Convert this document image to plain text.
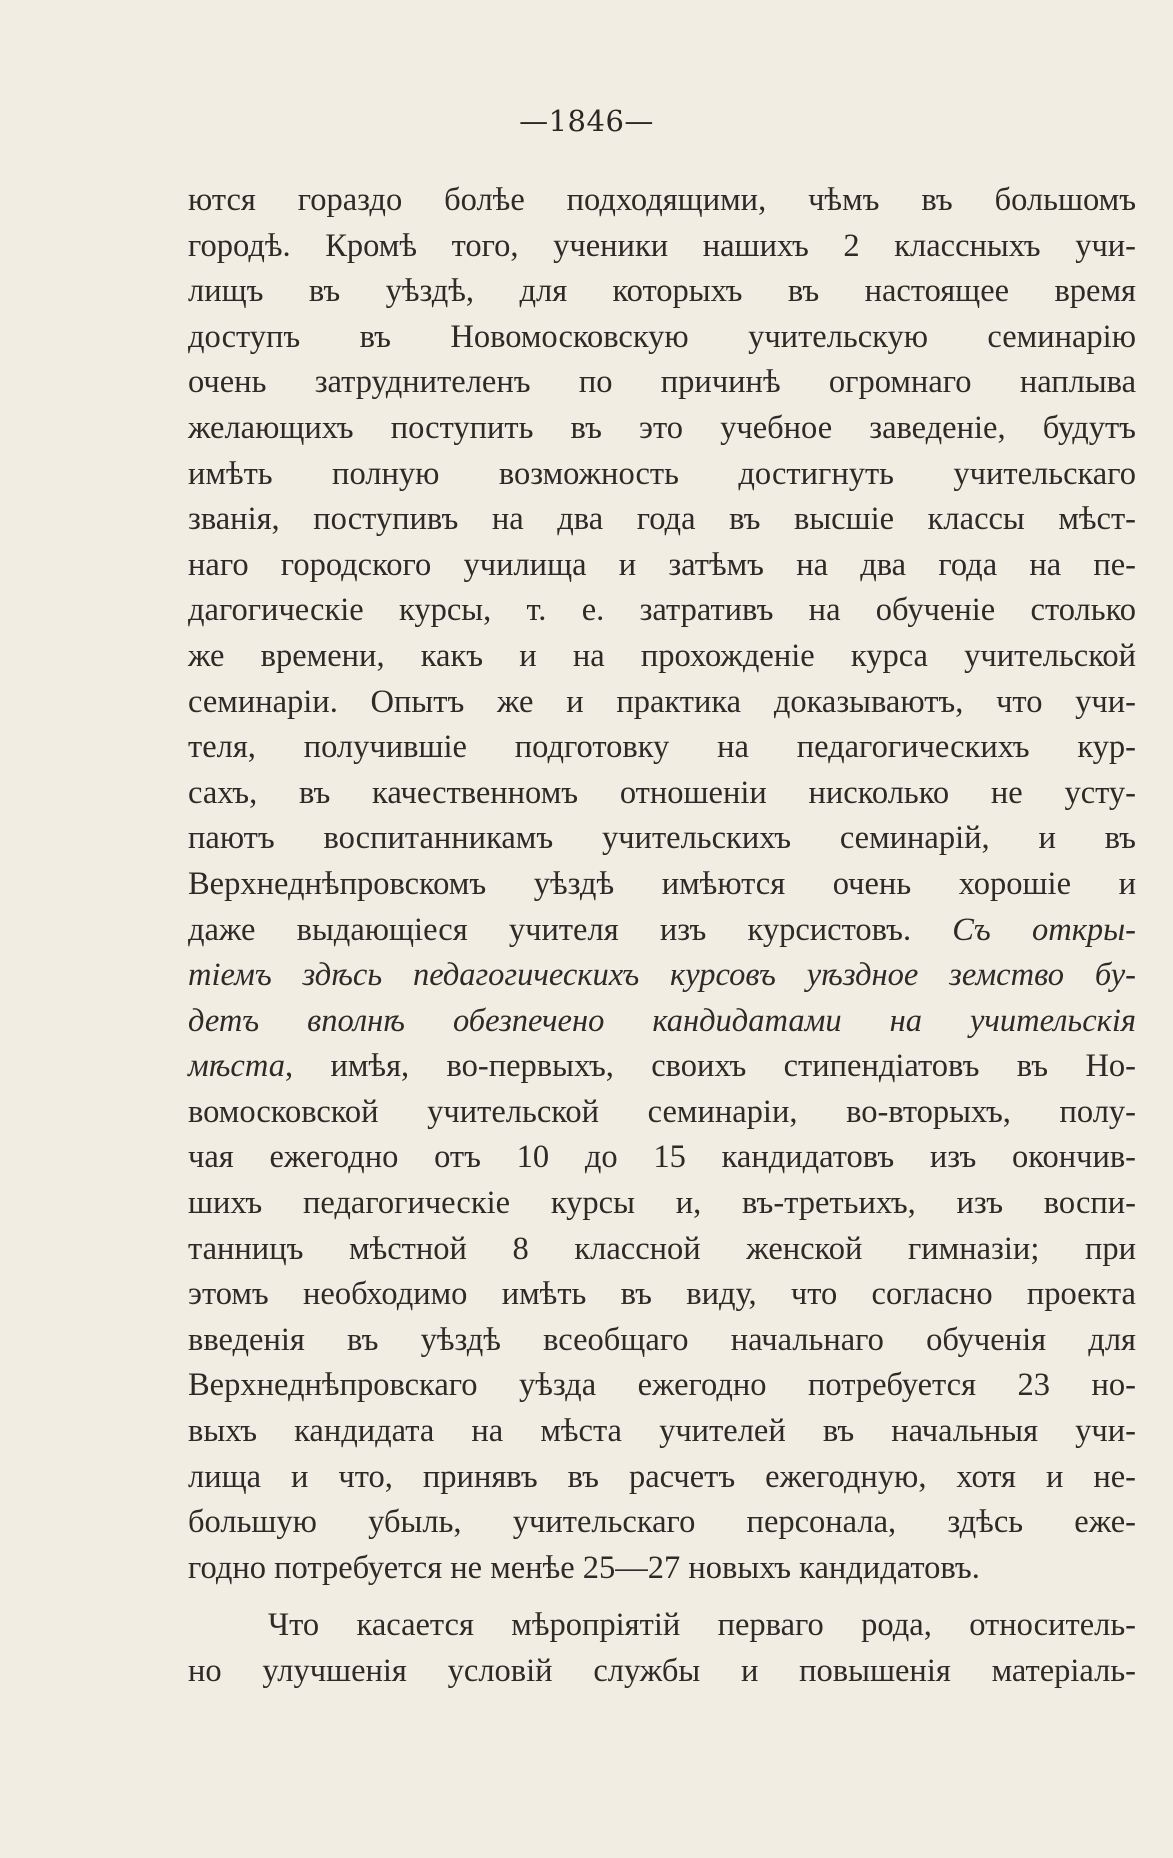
—1846—
ются гораздо болѣе подходящими, чѣмъ въ большомъ
городѣ. Кромѣ того, ученики нашихъ 2 классныхъ учи-
лищъ въ уѣздѣ, для которыхъ въ настоящее время
доступъ въ Новомосковскую учительскую семинарію
очень затруднителенъ по причинѣ огромнаго наплыва
желающихъ поступить въ это учебное заведеніе, будутъ
имѣть полную возможность достигнуть учительскаго
званія, поступивъ на два года въ высшіе классы мѣст-
наго городского училища и затѣмъ на два года на пе-
дагогическіе курсы, т. е. затративъ на обученіе столько
же времени, какъ и на прохожденіе курса учительской
семинаріи. Опытъ же и практика доказываютъ, что учи-
теля, получившіе подготовку на педагогическихъ кур-
сахъ, въ качественномъ отношеніи нисколько не усту-
паютъ воспитанникамъ учительскихъ семинарій, и въ
Верхнеднѣпровскомъ уѣздѣ имѣются очень хорошіе и
даже выдающіеся учителя изъ курсистовъ. Съ откры-
тіемъ здѣсь педагогическихъ курсовъ уѣздное земство бу-
детъ вполнѣ обезпечено кандидатами на учительскія
мѣста, имѣя, во-первыхъ, своихъ стипендіатовъ въ Но-
вомосковской учительской семинаріи, во-вторыхъ, полу-
чая ежегодно отъ 10 до 15 кандидатовъ изъ окончив-
шихъ педагогическіе курсы и, въ-третьихъ, изъ воспи-
танницъ мѣстной 8 классной женской гимназіи; при
этомъ необходимо имѣть въ виду, что согласно проекта
введенія въ уѣздѣ всеобщаго начальнаго обученія для
Верхнеднѣпровскаго уѣзда ежегодно потребуется 23 но-
выхъ кандидата на мѣста учителей въ начальныя учи-
лища и что, принявъ въ расчетъ ежегодную, хотя и не-
большую убыль, учительскаго персонала, здѣсь еже-
годно потребуется не менѣе 25—27 новыхъ кандидатовъ.
Что касается мѣропріятій перваго рода, относитель-
но улучшенія условій службы и повышенія матеріаль-
